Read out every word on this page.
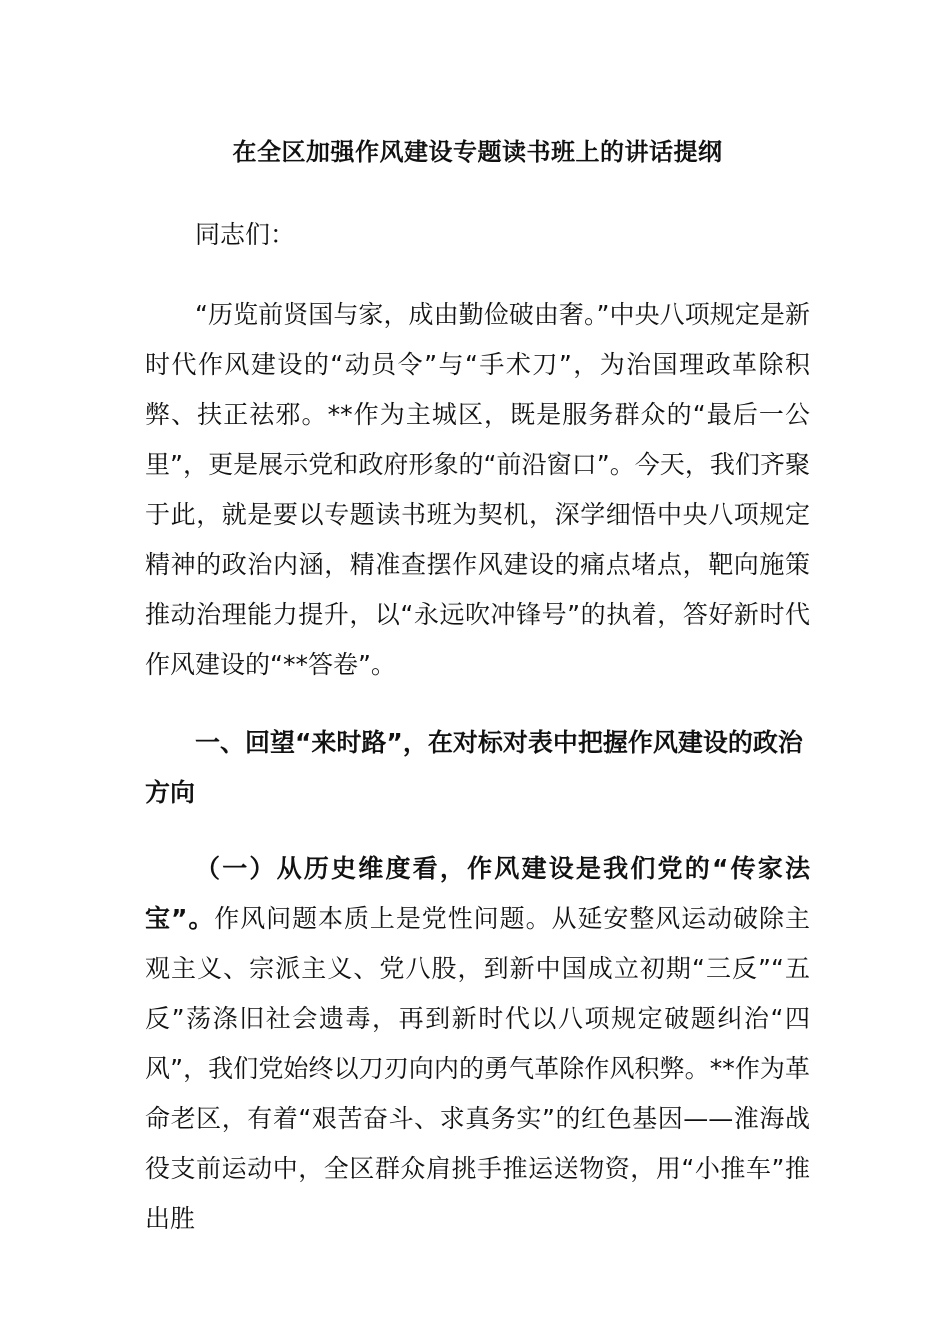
在全区加强作风建设专题读书班上的讲话提纲
同志们：
“历览前贤国与家，成由勤俭破由奢。”中央八项规定是新时代作风建设的“动员令”与“手术刀”，为治国理政革除积弊、扶正祛邪。**作为主城区，既是服务群众的“最后一公里”，更是展示党和政府形象的“前沿窗口”。今天，我们齐聚于此，就是要以专题读书班为契机，深学细悟中央八项规定精神的政治内涵，精准查摆作风建设的痛点堵点，靶向施策推动治理能力提升，以“永远吹冲锋号”的执着，答好新时代作风建设的“**答卷”。
一、回望“来时路”，在对标对表中把握作风建设的政治方向
（一）从历史维度看，作风建设是我们党的“传家法宝”。作风问题本质上是党性问题。从延安整风运动破除主观主义、宗派主义、党八股，到新中国成立初期“三反”“五反”荡涤旧社会遗毒，再到新时代以八项规定破题纠治“四风”，我们党始终以刀刃向内的勇气革除作风积弊。**作为革命老区，有着“艰苦奋斗、求真务实”的红色基因——淮海战役支前运动中，全区群众肩挑手推运送物资，用“小推车”推出胜
